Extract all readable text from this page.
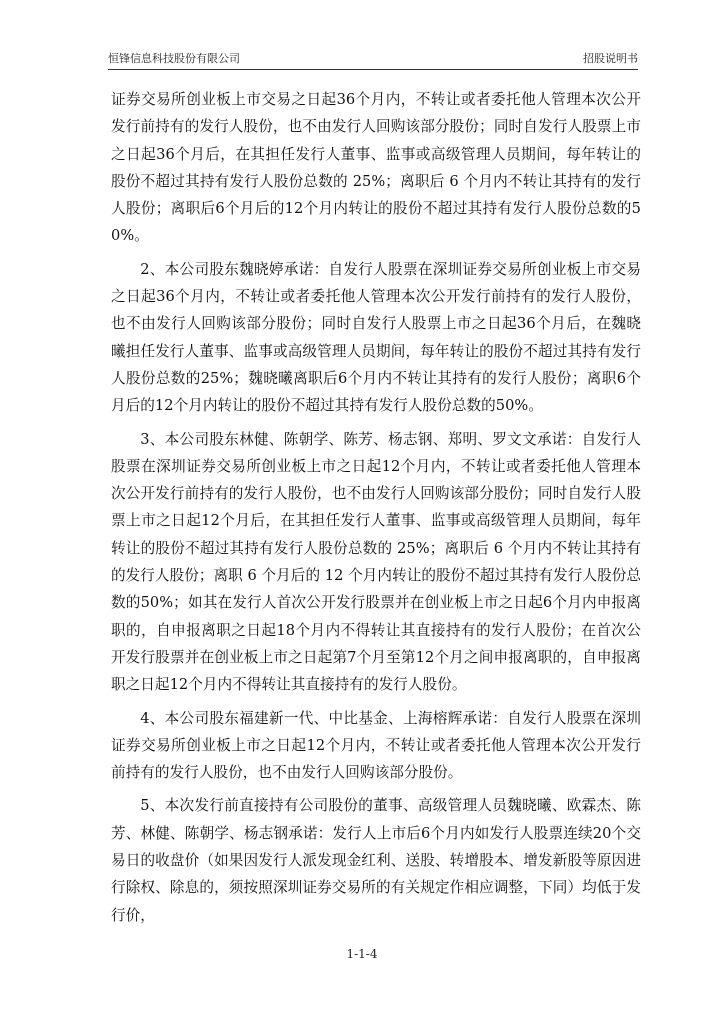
恒锋信息科技股份有限公司	招股说明书

证券交易所创业板上市交易之日起36个月内，不转让或者委托他人管理本次公开发行前持有的发行人股份，也不由发行人回购该部分股份；同时自发行人股票上市之日起36个月后，在其担任发行人董事、监事或高级管理人员期间，每年转让的股份不超过其持有发行人股份总数的 25%；离职后 6 个月内不转让其持有的发行人股份；离职后6个月后的12个月内转让的股份不超过其持有发行人股份总数的50%。

2、本公司股东魏晓婷承诺：自发行人股票在深圳证券交易所创业板上市交易之日起36个月内，不转让或者委托他人管理本次公开发行前持有的发行人股份，也不由发行人回购该部分股份；同时自发行人股票上市之日起36个月后，在魏晓曦担任发行人董事、监事或高级管理人员期间，每年转让的股份不超过其持有发行人股份总数的25%；魏晓曦离职后6个月内不转让其持有的发行人股份；离职6个月后的12个月内转让的股份不超过其持有发行人股份总数的50%。

3、本公司股东林健、陈朝学、陈芳、杨志钢、郑明、罗文文承诺：自发行人股票在深圳证券交易所创业板上市之日起12个月内，不转让或者委托他人管理本次公开发行前持有的发行人股份，也不由发行人回购该部分股份；同时自发行人股票上市之日起12个月后，在其担任发行人董事、监事或高级管理人员期间，每年转让的股份不超过其持有发行人股份总数的 25%；离职后 6 个月内不转让其持有的发行人股份；离职 6 个月后的 12 个月内转让的股份不超过其持有发行人股份总数的50%；如其在发行人首次公开发行股票并在创业板上市之日起6个月内申报离职的，自申报离职之日起18个月内不得转让其直接持有的发行人股份；在首次公开发行股票并在创业板上市之日起第7个月至第12个月之间申报离职的，自申报离职之日起12个月内不得转让其直接持有的发行人股份。

4、本公司股东福建新一代、中比基金、上海榕辉承诺：自发行人股票在深圳证券交易所创业板上市之日起12个月内，不转让或者委托他人管理本次公开发行前持有的发行人股份，也不由发行人回购该部分股份。

5、本次发行前直接持有公司股份的董事、高级管理人员魏晓曦、欧霖杰、陈芳、林健、陈朝学、杨志钢承诺：发行人上市后6个月内如发行人股票连续20个交易日的收盘价（如果因发行人派发现金红利、送股、转增股本、增发新股等原因进行除权、除息的，须按照深圳证券交易所的有关规定作相应调整，下同）均低于发行价，

1-1-4
